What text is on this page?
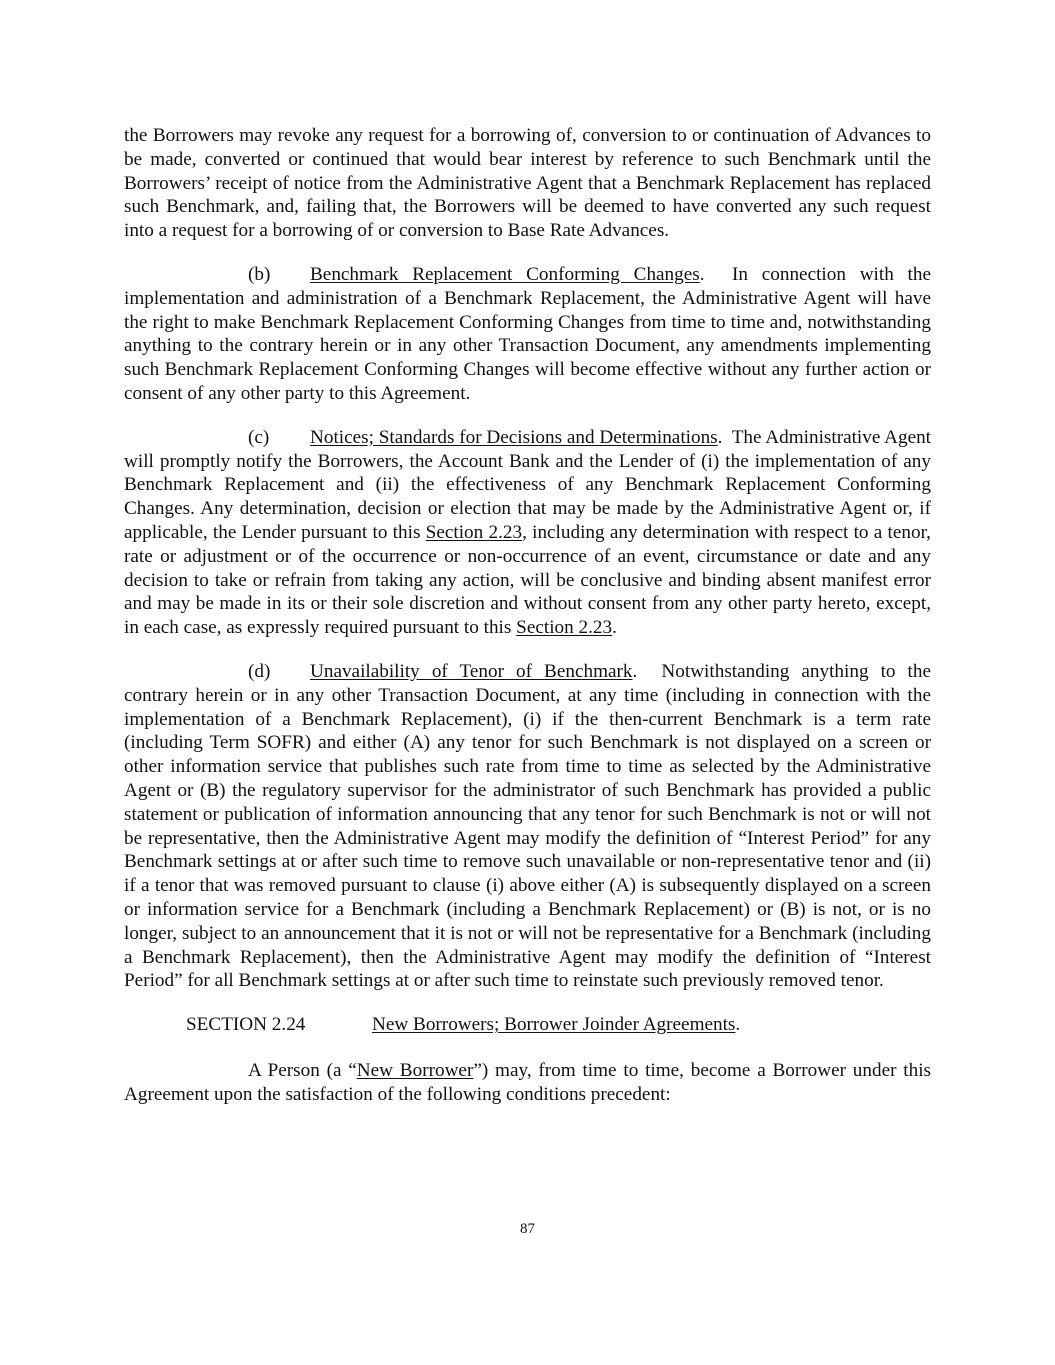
the Borrowers may revoke any request for a borrowing of, conversion to or continuation of Advances to be made, converted or continued that would bear interest by reference to such Benchmark until the Borrowers’ receipt of notice from the Administrative Agent that a Benchmark Replacement has replaced such Benchmark, and, failing that, the Borrowers will be deemed to have converted any such request into a request for a borrowing of or conversion to Base Rate Advances.

(b) Benchmark Replacement Conforming Changes.  In connection with the implementation and administration of a Benchmark Replacement, the Administrative Agent will have the right to make Benchmark Replacement Conforming Changes from time to time and, notwithstanding anything to the contrary herein or in any other Transaction Document, any amendments implementing such Benchmark Replacement Conforming Changes will become effective without any further action or consent of any other party to this Agreement.

(c) Notices; Standards for Decisions and Determinations.  The Administrative Agent will promptly notify the Borrowers, the Account Bank and the Lender of (i) the implementation of any Benchmark Replacement and (ii) the effectiveness of any Benchmark Replacement Conforming Changes. Any determination, decision or election that may be made by the Administrative Agent or, if applicable, the Lender pursuant to this Section 2.23, including any determination with respect to a tenor, rate or adjustment or of the occurrence or non-occurrence of an event, circumstance or date and any decision to take or refrain from taking any action, will be conclusive and binding absent manifest error and may be made in its or their sole discretion and without consent from any other party hereto, except, in each case, as expressly required pursuant to this Section 2.23.

(d) Unavailability of Tenor of Benchmark.  Notwithstanding anything to the contrary herein or in any other Transaction Document, at any time (including in connection with the implementation of a Benchmark Replacement), (i) if the then-current Benchmark is a term rate (including Term SOFR) and either (A) any tenor for such Benchmark is not displayed on a screen or other information service that publishes such rate from time to time as selected by the Administrative Agent or (B) the regulatory supervisor for the administrator of such Benchmark has provided a public statement or publication of information announcing that any tenor for such Benchmark is not or will not be representative, then the Administrative Agent may modify the definition of “Interest Period” for any Benchmark settings at or after such time to remove such unavailable or non-representative tenor and (ii) if a tenor that was removed pursuant to clause (i) above either (A) is subsequently displayed on a screen or information service for a Benchmark (including a Benchmark Replacement) or (B) is not, or is no longer, subject to an announcement that it is not or will not be representative for a Benchmark (including a Benchmark Replacement), then the Administrative Agent may modify the definition of “Interest Period” for all Benchmark settings at or after such time to reinstate such previously removed tenor.

SECTION 2.24	New Borrowers; Borrower Joinder Agreements.

A Person (a “New Borrower”) may, from time to time, become a Borrower under this Agreement upon the satisfaction of the following conditions precedent:

87
